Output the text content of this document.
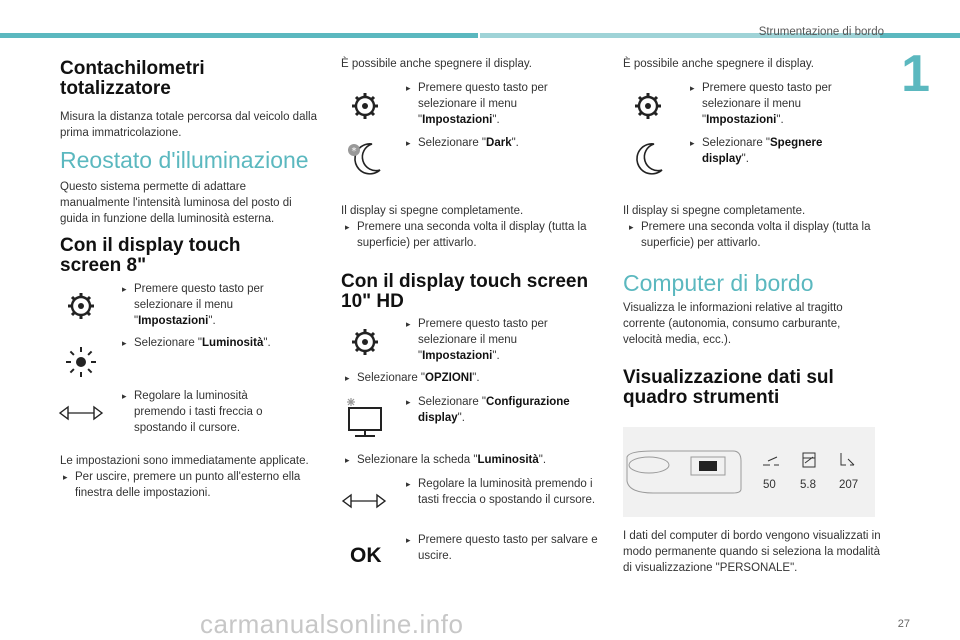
Strumentazione di bordo
1
Contachilometri totalizzatore
Misura la distanza totale percorsa dal veicolo dalla prima immatricolazione.
Reostato d'illuminazione
Questo sistema permette di adattare manualmente l'intensità luminosa del posto di guida in funzione della luminosità esterna.
Con il display touch screen 8"
▸ Premere questo tasto per selezionare il menu "Impostazioni".
▸ Selezionare "Luminosità".
▸ Regolare la luminosità premendo i tasti freccia o spostando il cursore.
Le impostazioni sono immediatamente applicate.
▸ Per uscire, premere un punto all'esterno ella finestra delle impostazioni.
È possibile anche spegnere il display.
▸ Premere questo tasto per selezionare il menu "Impostazioni".
*
▸ Selezionare "Dark".
Il display si spegne completamente.
▸ Premere una seconda volta il display (tutta la superficie) per attivarlo.
Con il display touch screen 10" HD
▸ Premere questo tasto per selezionare il menu "Impostazioni".
▸ Selezionare "OPZIONI".
▸ Selezionare "Configurazione display".
▸ Selezionare la scheda "Luminosità".
▸ Regolare la luminosità premendo i tasti freccia o spostando il cursore.
OK
▸ Premere questo tasto per salvare e uscire.
È possibile anche spegnere il display.
▸ Premere questo tasto per selezionare il menu "Impostazioni".
▸ Selezionare "Spegnere display".
Il display si spegne completamente.
▸ Premere una seconda volta il display (tutta la superficie) per attivarlo.
Computer di bordo
Visualizza le informazioni relative al tragitto corrente (autonomia, consumo carburante, velocità media, ecc.).
Visualizzazione dati sul quadro strumenti
50 5.8 207
I dati del computer di bordo vengono visualizzati in modo permanente quando si seleziona la modalità di visualizzazione "PERSONALE".
27
carmanualsonline.info
